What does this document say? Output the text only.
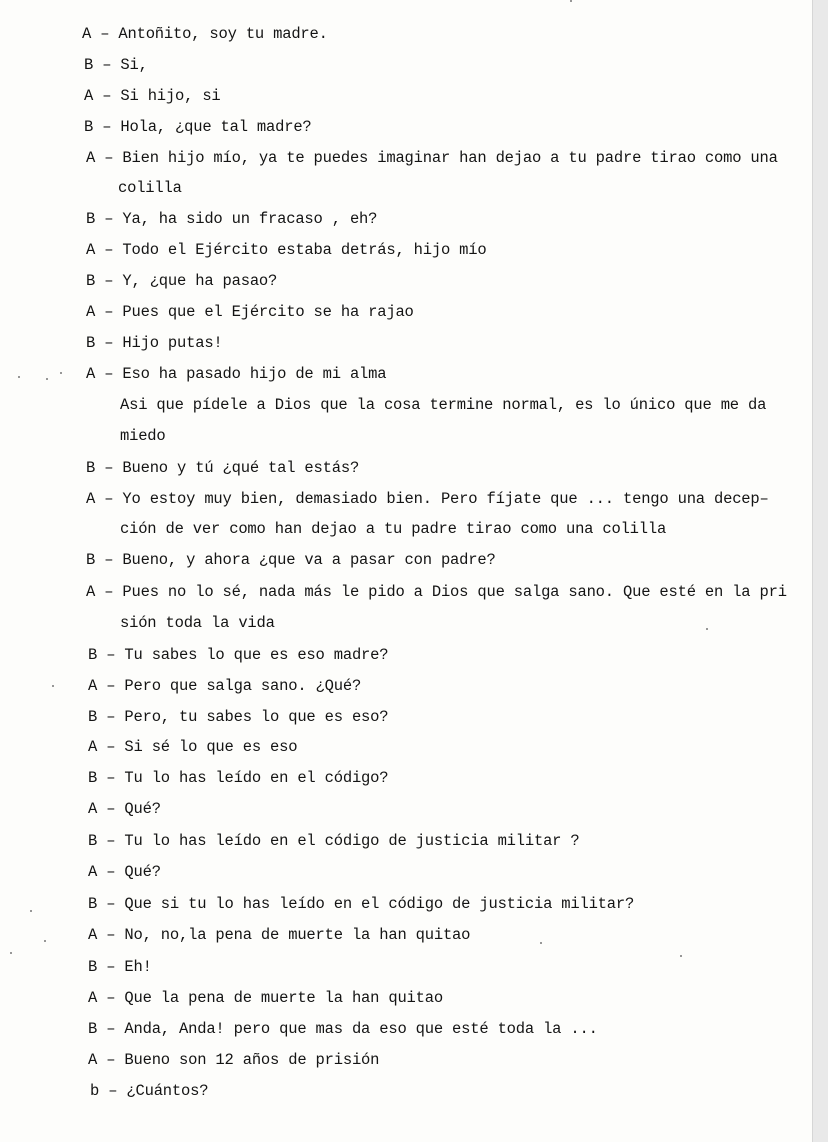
A – Antoñito, soy tu madre.
B – Si,
A – Si hijo, si
B – Hola, ¿que tal madre?
A – Bien hijo mío, ya te puedes imaginar han dejao a tu padre tirao como una
colilla
B – Ya, ha sido un fracaso , eh?
A – Todo el Ejército estaba detrás, hijo mío
B – Y, ¿que ha pasao?
A – Pues que el Ejército se ha rajao
B – Hijo putas!
A – Eso ha pasado hijo de mi alma
Asi que pídele a Dios que la cosa termine normal, es lo único que me da
miedo
B – Bueno y tú ¿qué tal estás?
A – Yo estoy muy bien, demasiado bien. Pero fíjate que ... tengo una decep–
ción de ver como han dejao a tu padre tirao como una colilla
B – Bueno, y ahora ¿que va a pasar con padre?
A – Pues no lo sé, nada más le pido a Dios que salga sano. Que esté en la pri
sión toda la vida
B – Tu sabes lo que es eso madre?
A – Pero que salga sano. ¿Qué?
B – Pero, tu sabes lo que es eso?
A – Si sé lo que es eso
B – Tu lo has leído en el código?
A – Qué?
B – Tu lo has leído en el código de justicia militar ?
A – Qué?
B – Que si tu lo has leído en el código de justicia militar?
A – No, no,la pena de muerte la han quitao
B – Eh!
A – Que la pena de muerte la han quitao
B – Anda, Anda! pero que mas da eso que esté toda la ...
A – Bueno son 12 años de prisión
b – ¿Cuántos?
